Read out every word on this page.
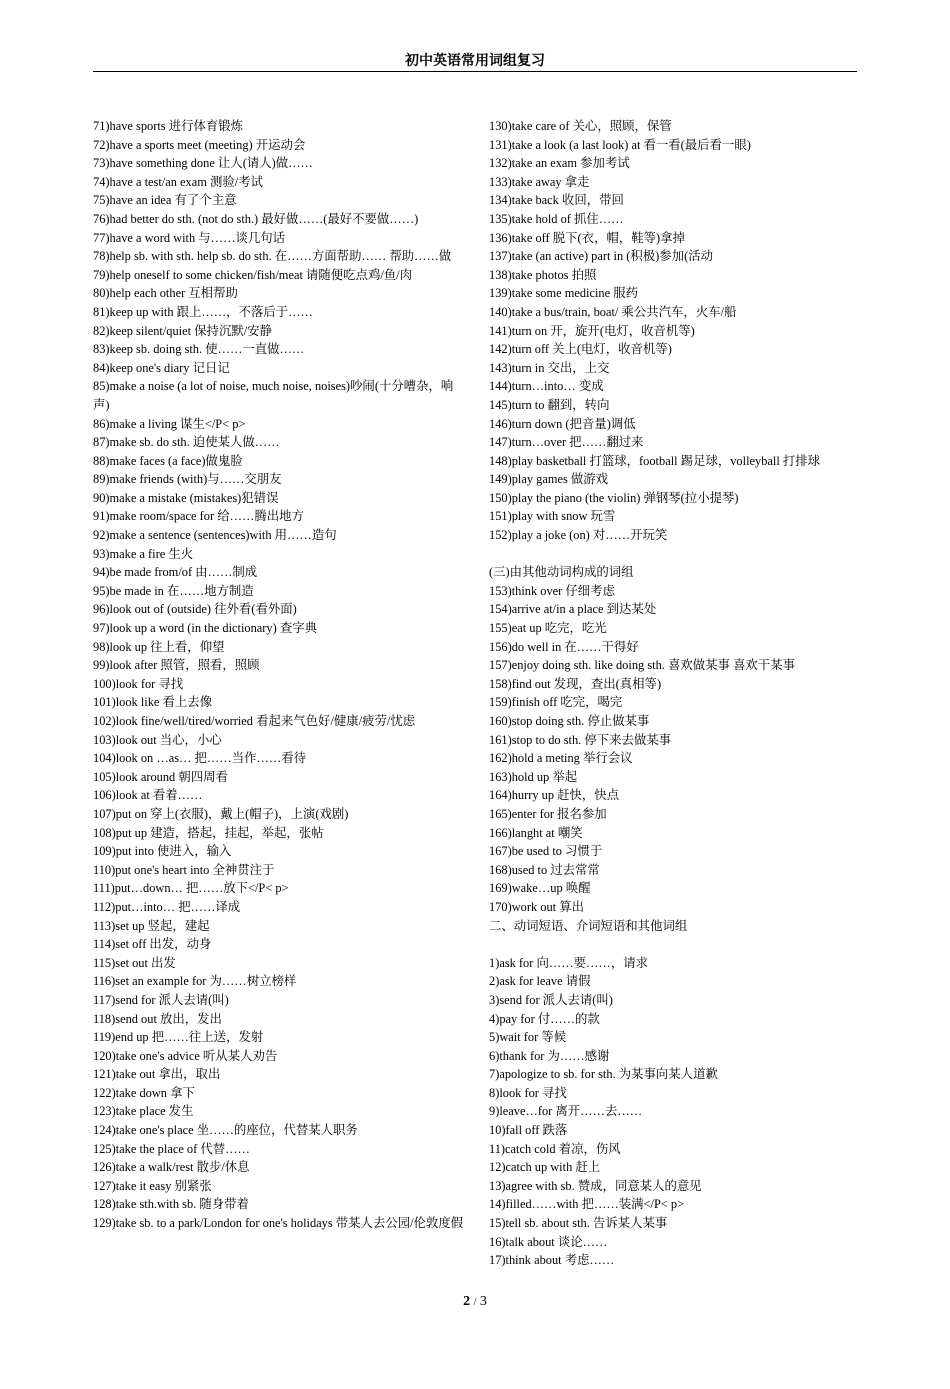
初中英语常用词组复习
71)have sports 进行体育锻炼
72)have a sports meet (meeting) 开运动会
73)have something done 让人(请人)做……
74)have a test/an exam 测验/考试
75)have an idea 有了个主意
76)had better do sth. (not do sth.) 最好做……(最好不要做……)
77)have a word with 与……谈几句话
78)help sb. with sth. help sb. do sth. 在……方面帮助…… 帮助……做
79)help oneself to some chicken/fish/meat 请随便吃点鸡/鱼/肉
80)help each other 互相帮助
81)keep up with 跟上……，不落后于……
82)keep silent/quiet 保持沉默/安静
83)keep sb. doing sth. 使……一直做……
84)keep one's diary 记日记
85)make a noise (a lot of noise, much noise, noises)吵闹(十分嘈杂，响声)
86)make a living 谋生</P< p>
87)make sb. do sth. 迫使某人做……
88)make faces (a face)做鬼脸
89)make friends (with)与……交朋友
90)make a mistake (mistakes)犯错误
91)make room/space for 给……腾出地方
92)make a sentence (sentences)with 用……造句
93)make a fire 生火
94)be made from/of 由……制成
95)be made in 在……地方制造
96)look out of (outside) 往外看(看外面)
97)look up a word (in the dictionary) 查字典
98)look up 往上看，仰望
99)look after 照管，照看，照顾
100)look for 寻找
101)look like 看上去像
102)look fine/well/tired/worried 看起来气色好/健康/疲劳/忧虑
103)look out 当心，小心
104)look on …as… 把……当作……看待
105)look around 朝四周看
106)look at 看着……
107)put on 穿上(衣服)，戴上(帽子)，上演(戏剧)
108)put up 建造，搭起，挂起，举起，张帖
109)put into 使进入，输入
110)put one's heart into 全神贯注于
111)put…down… 把……放下</P< p>
112)put…into… 把……译成
113)set up 竖起，建起
114)set off 出发，动身
115)set out 出发
116)set an example for 为……树立榜样
117)send for 派人去请(叫)
118)send out 放出，发出
119)end up 把……往上送，发射
120)take one's advice 听从某人劝告
121)take out 拿出，取出
122)take down 拿下
123)take place 发生
124)take one's place 坐……的座位，代替某人职务
125)take the place of 代替……
126)take a walk/rest 散步/休息
127)take it easy 别紧张
128)take sth.with sb. 随身带着
129)take sb. to a park/London for one's holidays 带某人去公园/伦敦度假
130)take care of 关心，照顾，保管
131)take a look (a last look) at 看一看(最后看一眼)
132)take an exam 参加考试
133)take away 拿走
134)take back 收回，带回
135)take hold of 抓住……
136)take off 脱下(衣，帽，鞋等)拿掉
137)take (an active) part in (积极)参加(活动
138)take photos 拍照
139)take some medicine 服药
140)take a bus/train, boat/ 乘公共汽车，火车/船
141)turn on 开，旋开(电灯，收音机等)
142)turn off 关上(电灯，收音机等)
143)turn in 交出，上交
144)turn…into… 变成
145)turn to 翻到，转向
146)turn down (把音量)调低
147)turn…over 把……翻过来
148)play basketball 打篮球，football 踢足球，volleyball 打排球
149)play games 做游戏
150)play the piano (the violin) 弹钢琴(拉小提琴)
151)play with snow 玩雪
152)play a joke (on) 对……开玩笑
(三)由其他动词构成的词组
153)think over 仔细考虑
154)arrive at/in a place 到达某处
155)eat up 吃完，吃光
156)do well in 在……干得好
157)enjoy doing sth. like doing sth. 喜欢做某事 喜欢干某事
158)find out 发现，查出(真相等)
159)finish off 吃完，喝完
160)stop doing sth. 停止做某事
161)stop to do sth. 停下来去做某事
162)hold a meting 举行会议
163)hold up 举起
164)hurry up 赶快，快点
165)enter for 报名参加
166)langht at 嘲笑
167)be used to 习惯于
168)used to 过去常常
169)wake…up 唤醒
170)work out 算出
二、动词短语、介词短语和其他词组
1)ask for 向……要……，请求
2)ask for leave 请假
3)send for 派人去请(叫)
4)pay for 付……的款
5)wait for 等候
6)thank for 为……感谢
7)apologize to sb. for sth. 为某事向某人道歉
8)look for 寻找
9)leave…for 离开……去……
10)fall off 跌落
11)catch cold 着凉，伤风
12)catch up with 赶上
13)agree with sb. 赞成，同意某人的意见
14)filled……with 把……装满</P< p>
15)tell sb. about sth. 告诉某人某事
16)talk about 谈论……
17)think about 考虑……
2 / 3
